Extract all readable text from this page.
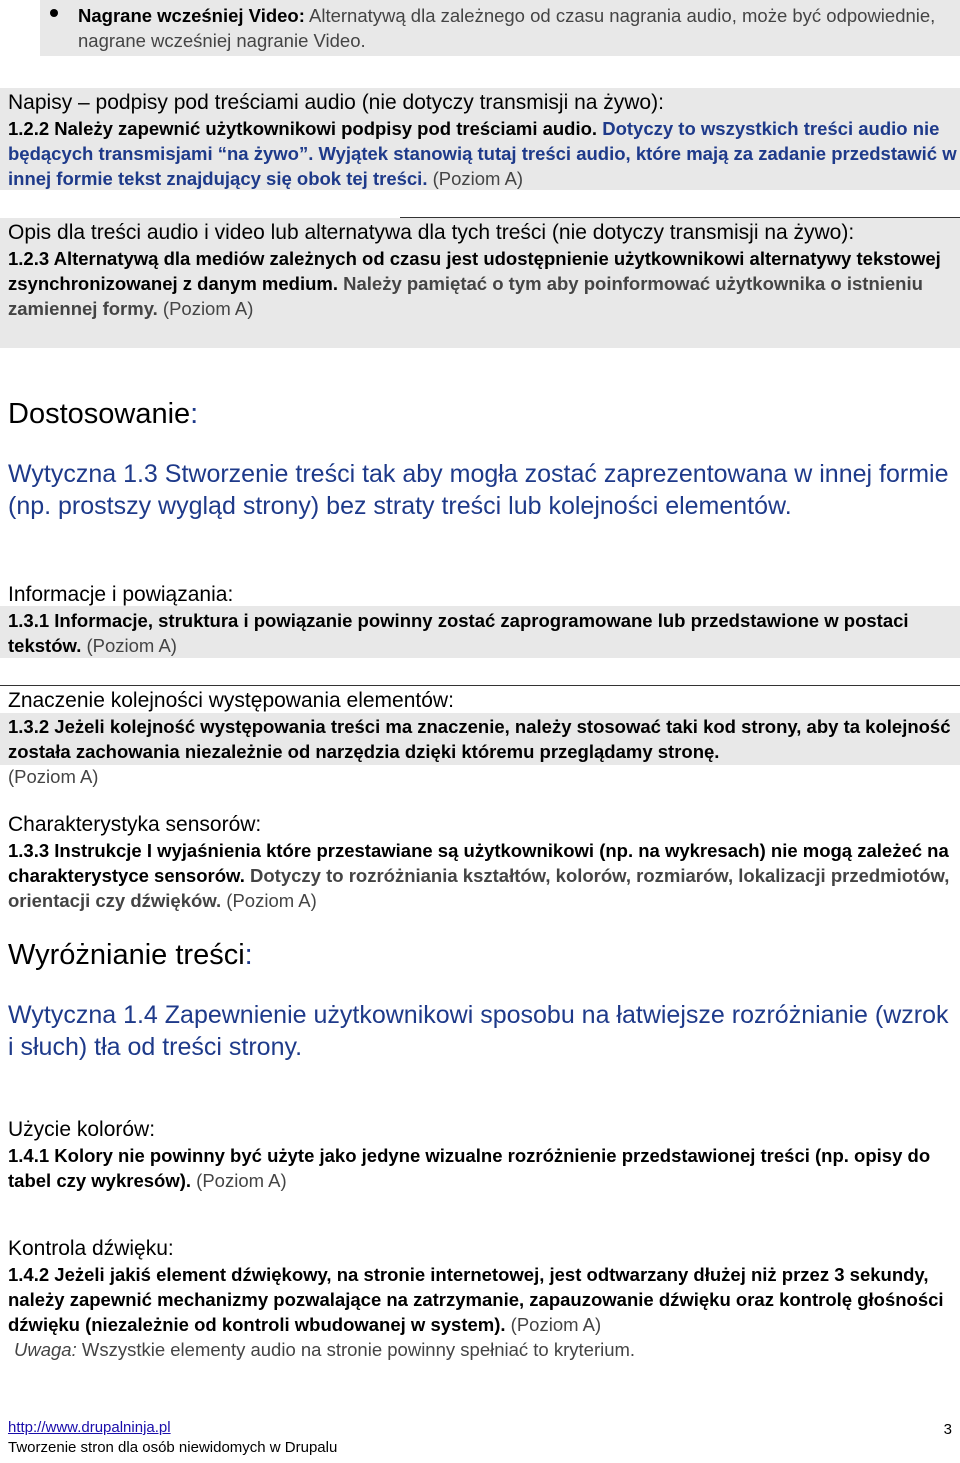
Nagrane wcześniej Video: Alternatywą dla zależnego od czasu nagrania audio, może być odpowiednie, nagrane wcześniej nagranie Video.
Napisy – podpisy pod treściami audio (nie dotyczy transmisji na żywo):
1.2.2 Należy zapewnić użytkownikowi podpisy pod treściami audio. Dotyczy to wszystkich treści audio nie będących transmisjami “na żywo”. Wyjątek stanowią tutaj treści audio, które mają za zadanie przedstawić w innej formie tekst znajdujący się obok tej treści. (Poziom A)
Opis dla treści audio i video lub alternatywa dla tych treści (nie dotyczy transmisji na żywo):
1.2.3 Alternatywą dla mediów zależnych od czasu jest udostępnienie użytkownikowi alternatywy tekstowej zsynchronizowanej z danym medium. Należy pamiętać o tym aby poinformować użytkownika o istnieniu zamiennej formy. (Poziom A)
Dostosowanie:
Wytyczna 1.3 Stworzenie treści tak aby mogła zostać zaprezentowana w innej formie (np. prostszy wygląd strony) bez straty treści lub kolejności elementów.
Informacje i powiązania:
1.3.1 Informacje, struktura i powiązanie powinny zostać zaprogramowane lub przedstawione w postaci tekstów. (Poziom A)
Znaczenie kolejności występowania elementów:
1.3.2 Jeżeli kolejność występowania treści ma znaczenie, należy stosować taki kod strony, aby ta kolejność została zachowania niezależnie od narzędzia dzięki któremu przeglądamy stronę.
(Poziom A)
Charakterystyka sensorów:
1.3.3 Instrukcje I wyjaśnienia które przestawiane są użytkownikowi (np. na wykresach) nie mogą zależeć na charakterystyce sensorów. Dotyczy to rozróżniania kształtów, kolorów, rozmiarów, lokalizacji przedmiotów, orientacji czy dźwięków. (Poziom A)
Wyróżnianie treści:
Wytyczna 1.4 Zapewnienie użytkownikowi sposobu na łatwiejsze rozróżnianie (wzrok i słuch) tła od treści strony.
Użycie kolorów:
1.4.1 Kolory nie powinny być użyte jako jedyne wizualne rozróżnienie przedstawionej treści (np. opisy do tabel czy wykresów). (Poziom A)
Kontrola dźwięku:
1.4.2 Jeżeli jakiś element dźwiękowy, na stronie internetowej, jest odtwarzany dłużej niż przez 3 sekundy, należy zapewnić mechanizmy pozwalające na zatrzymanie, zapauzowanie dźwięku oraz kontrolę głośności dźwięku (niezależnie od kontroli wbudowanej w system). (Poziom A)
Uwaga: Wszystkie elementy audio na stronie powinny spełniać to kryterium.
http://www.drupalninja.pl
Tworzenie stron dla osób niewidomych w Drupalu
3
